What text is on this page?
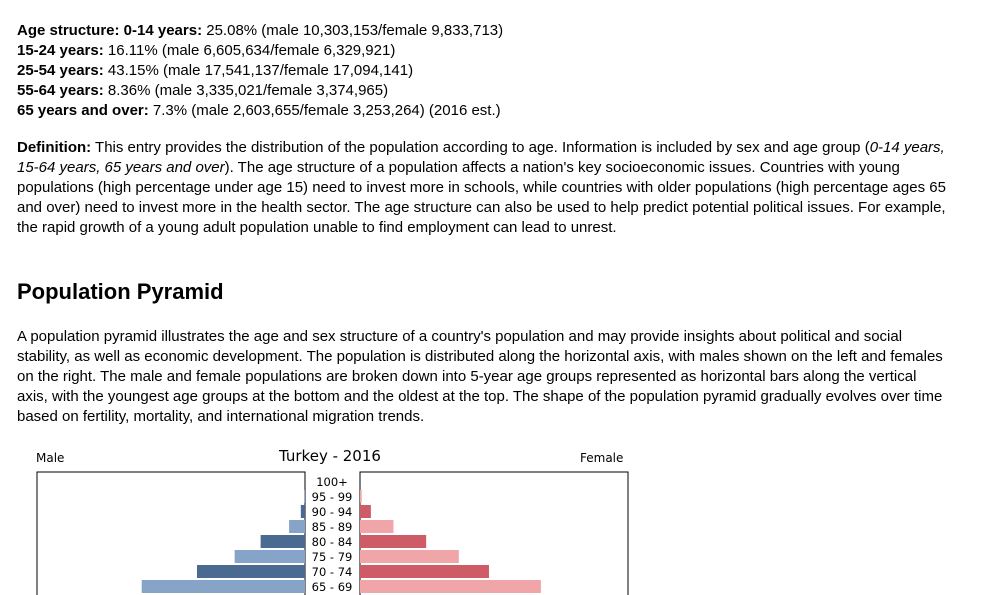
Age structure: 0-14 years: 25.08% (male 10,303,153/female 9,833,713)
15-24 years: 16.11% (male 6,605,634/female 6,329,921)
25-54 years: 43.15% (male 17,541,137/female 17,094,141)
55-64 years: 8.36% (male 3,335,021/female 3,374,965)
65 years and over: 7.3% (male 2,603,655/female 3,253,264) (2016 est.)
Definition: This entry provides the distribution of the population according to age. Information is included by sex and age group (0-14 years, 15-64 years, 65 years and over). The age structure of a population affects a nation's key socioeconomic issues. Countries with young populations (high percentage under age 15) need to invest more in schools, while countries with older populations (high percentage ages 65 and over) need to invest more in the health sector. The age structure can also be used to help predict potential political issues. For example, the rapid growth of a young adult population unable to find employment can lead to unrest.
Population Pyramid
A population pyramid illustrates the age and sex structure of a country's population and may provide insights about political and social stability, as well as economic development. The population is distributed along the horizontal axis, with males shown on the left and females on the right. The male and female populations are broken down into 5-year age groups represented as horizontal bars along the vertical axis, with the youngest age groups at the bottom and the oldest at the top. The shape of the population pyramid gradually evolves over time based on fertility, mortality, and international migration trends.
Male	Turkey - 2016	Female
100+
95 - 99
90 - 94
85 - 89
80 - 84
75 - 79
70 - 74
65 - 69
